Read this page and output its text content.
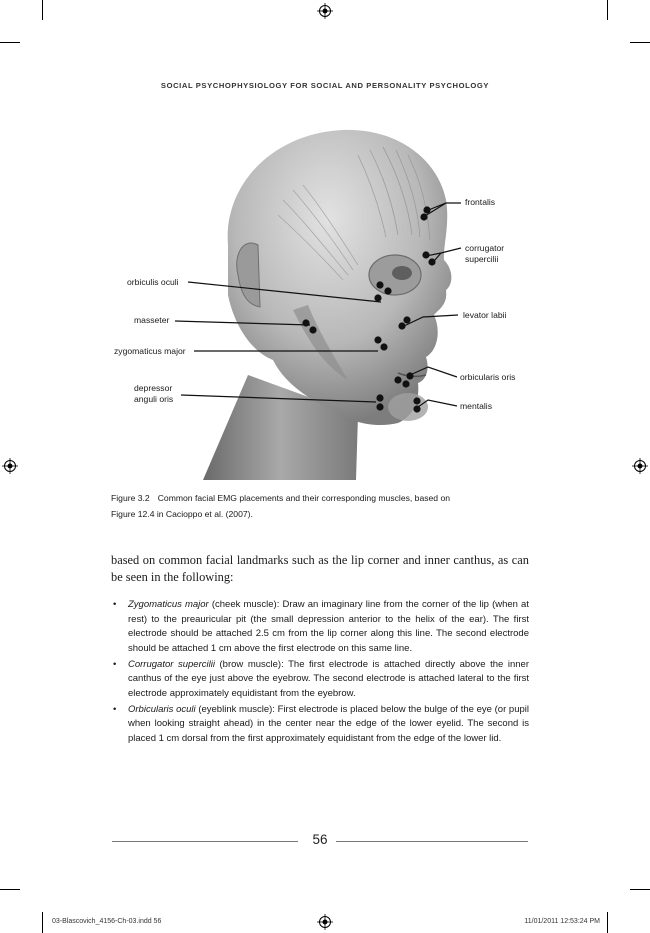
SOCIAL PSYCHOPHYSIOLOGY FOR SOCIAL AND PERSONALITY PSYCHOLOGY
frontalis
corrugator
supercilii
orbiculis oculi
levator labii
masseter
zygomaticus major
orbicularis oris
depressor
anguli oris
mentalis
Figure 3.2 Common facial EMG placements and their corresponding muscles, based on
Figure 12.4 in Cacioppo et al. (2007).
based on common facial landmarks such as the lip corner and inner canthus, as can be seen in the following:
• Zygomaticus major (cheek muscle): Draw an imaginary line from the corner of the lip (when at rest) to the preauricular pit (the small depression anterior to the helix of the ear). The first electrode should be attached 2.5 cm from the lip corner along this line. The second electrode should be attached 1 cm above the first electrode on this same line.
• Corrugator supercilii (brow muscle): The first electrode is attached directly above the inner canthus of the eye just above the eyebrow. The second electrode is attached lateral to the first electrode approximately equidistant from the eyebrow.
• Orbicularis oculi (eyeblink muscle): First electrode is placed below the bulge of the eye (or pupil when looking straight ahead) in the center near the edge of the lower eyelid. The second is placed 1 cm dorsal from the first approximately equidistant from the edge of the lower lid.
56
03-Blascovich_4156-Ch-03.indd 56	11/01/2011 12:53:24 PM
